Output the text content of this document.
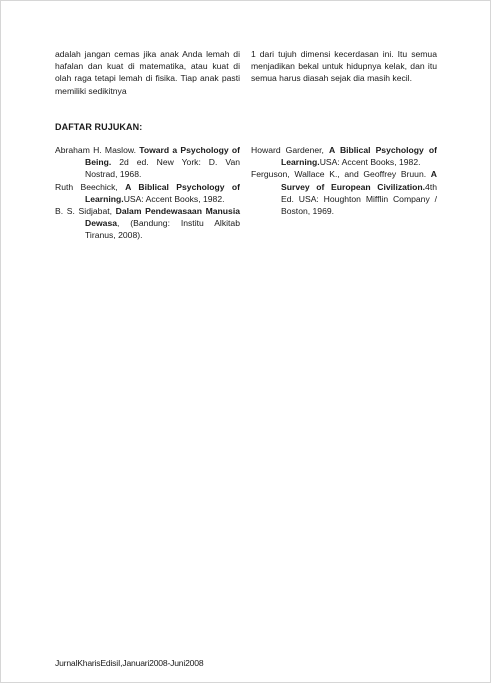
adalah jangan cemas jika anak Anda lemah di hafalan dan kuat di matematika, atau kuat di olah raga tetapi lemah di fisika. Tiap anak pasti memiliki sedikitnya
1 dari tujuh dimensi kecerdasan ini. Itu semua menjadikan bekal untuk hidupnya kelak, dan itu semua harus diasah sejak dia masih kecil.
DAFTAR RUJUKAN:

Abraham H. Maslow. Toward a Psychology of Being. 2d ed. New York: D. Van Nostrad, 1968.

Ruth Beechick, A Biblical Psychology of Learning.USA: Accent Books, 1982.

B. S. Sidjabat, Dalam Pendewasaan Manusia Dewasa, (Bandung: Institu Alkitab Tiranus, 2008).

Howard Gardener, A Biblical Psychology of Learning.USA: Accent Books, 1982.

Ferguson, Wallace K., and Geoffrey Bruun. A Survey of European Civilization.4th Ed. USA: Houghton Mifflin Company / Boston, 1969.

JurnalKharisEdisiI,Januari2008-Juni2008
